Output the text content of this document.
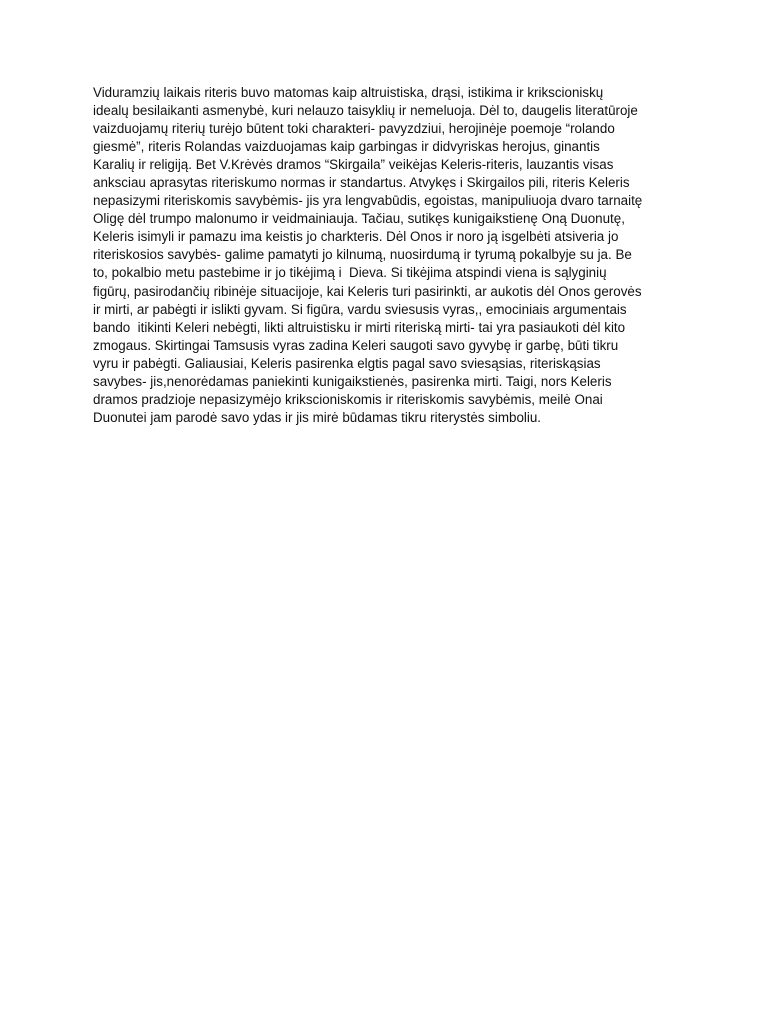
Viduramzių laikais riteris buvo matomas kaip altruistiska, drąsi, istikima ir krikscioniskų
idealų besilaikanti asmenybė, kuri nelauzo taisyklių ir nemeluoja. Dėl to, daugelis literatūroje
vaizduojamų riterių turėjo būtent toki charakteri- pavyzdziui, herojinėje poemoje “rolando
giesmė”, riteris Rolandas vaizduojamas kaip garbingas ir didvyriskas herojus, ginantis
Karalių ir religiją. Bet V.Krėvės dramos “Skirgaila” veikėjas Keleris-riteris, lauzantis visas
anksciau aprasytas riteriskumo normas ir standartus. Atvykęs i Skirgailos pili, riteris Keleris
nepasizymi riteriskomis savybėmis- jis yra lengvabūdis, egoistas, manipuliuoja dvaro tarnaitę
Oligę dėl trumpo malonumo ir veidmainiauja. Tačiau, sutikęs kunigaikstienę Oną Duonutę,
Keleris isimyli ir pamazu ima keistis jo charkteris. Dėl Onos ir noro ją isgelbėti atsiveria jo
riteriskosios savybės- galime pamatyti jo kilnumą, nuosirdumą ir tyrumą pokalbyje su ja. Be
to, pokalbio metu pastebime ir jo tikėjimą i  Dieva. Si tikėjima atspindi viena is sąlyginių
figūrų, pasirodančių ribinėje situacijoje, kai Keleris turi pasirinkti, ar aukotis dėl Onos gerovės
ir mirti, ar pabėgti ir islikti gyvam. Si figūra, vardu sviesusis vyras,, emociniais argumentais
bando  itikinti Keleri nebėgti, likti altruistisku ir mirti riteriską mirti- tai yra pasiaukoti dėl kito
zmogaus. Skirtingai Tamsusis vyras zadina Keleri saugoti savo gyvybę ir garbę, būti tikru
vyru ir pabėgti. Galiausiai, Keleris pasirenka elgtis pagal savo sviesąsias, riteriskąsias
savybes- jis,nenorėdamas paniekinti kunigaikstienės, pasirenka mirti. Taigi, nors Keleris
dramos pradzioje nepasizymėjo krikscioniskomis ir riteriskomis savybėmis, meilė Onai
Duonutei jam parodė savo ydas ir jis mirė būdamas tikru riterystės simboliu.
